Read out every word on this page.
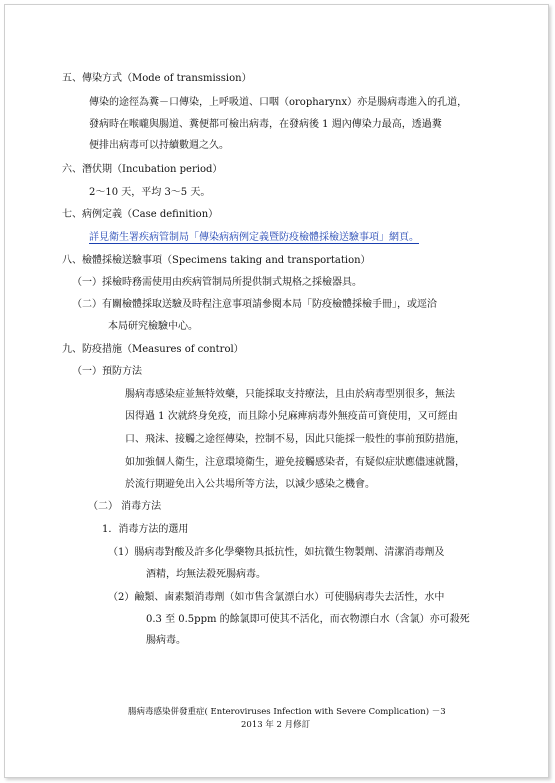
五、傳染方式（Mode of transmission）
傳染的途徑為糞－口傳染，上呼吸道、口咽（oropharynx）亦是腸病毒進入的孔道，
發病時在喉嚨與腸道、糞便都可檢出病毒，在發病後 1 週內傳染力最高，透過糞
便排出病毒可以持續數週之久。
六、潛伏期（Incubation period）
2～10 天，平均 3～5 天。
七、病例定義（Case definition）
詳見衛生署疾病管制局「傳染病病例定義暨防疫檢體採檢送驗事項」網頁。
八、檢體採檢送驗事項（Specimens taking and transportation）
（一）採檢時務需使用由疾病管制局所提供制式規格之採檢器具。
（二）有關檢體採取送驗及時程注意事項請參閱本局「防疫檢體採檢手冊」，或逕洽
本局研究檢驗中心。
九、防疫措施（Measures of control）
（一）預防方法
腸病毒感染症並無特效藥，只能採取支持療法，且由於病毒型別很多，無法
因得過 1 次就終身免疫，而且除小兒麻痺病毒外無疫苗可資使用，又可經由
口、飛沫、接觸之途徑傳染，控制不易，因此只能採一般性的事前預防措施，
如加強個人衛生，注意環境衛生，避免接觸感染者，有疑似症狀應儘速就醫，
於流行期避免出入公共場所等方法，以減少感染之機會。
（二） 消毒方法
1．消毒方法的選用
（1）腸病毒對酸及許多化學藥物具抵抗性，如抗微生物製劑、清潔消毒劑及
酒精，均無法殺死腸病毒。
（2）鹼類、鹵素類消毒劑（如市售含氯漂白水）可使腸病毒失去活性，水中
0.3 至 0.5ppm 的餘氯即可使其不活化，而衣物漂白水（含氯）亦可殺死
腸病毒。
腸病毒感染併發重症( Enteroviruses Infection with Severe Complication) －3
2013 年 2 月修訂
